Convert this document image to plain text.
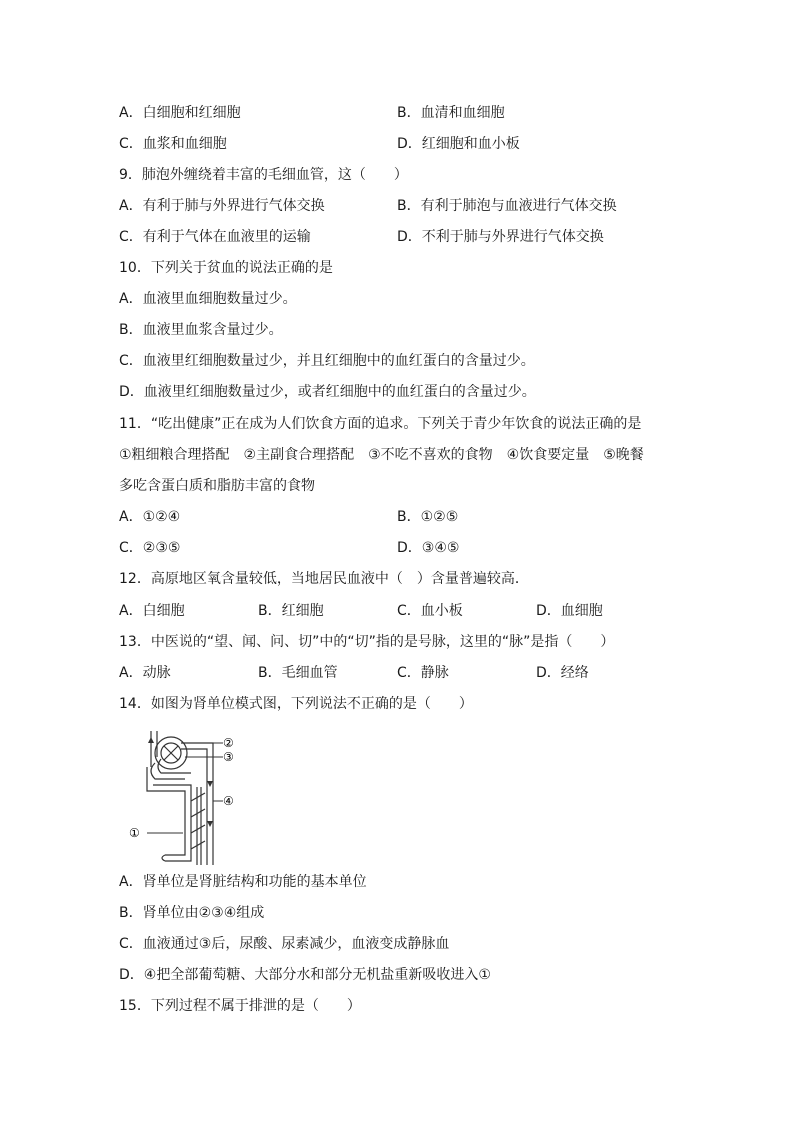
A．白细胞和红细胞	B．血清和血细胞
C．血浆和血细胞	D．红细胞和血小板
9．肺泡外缠绕着丰富的毛细血管，这（　　）
A．有利于肺与外界进行气体交换	B．有利于肺泡与血液进行气体交换
C．有利于气体在血液里的运输	D．不利于肺与外界进行气体交换
10．下列关于贫血的说法正确的是
A．血液里血细胞数量过少。
B．血液里血浆含量过少。
C．血液里红细胞数量过少，并且红细胞中的血红蛋白的含量过少。
D．血液里红细胞数量过少，或者红细胞中的血红蛋白的含量过少。
11．“吃出健康”正在成为人们饮食方面的追求。下列关于青少年饮食的说法正确的是
①粗细粮合理搭配　②主副食合理搭配　③不吃不喜欢的食物　④饮食要定量　⑤晚餐
多吃含蛋白质和脂肪丰富的食物
A．①②④	B．①②⑤
C．②③⑤	D．③④⑤
12．高原地区氧含量较低，当地居民血液中（　）含量普遍较高．
A．白细胞	B．红细胞	C．血小板	D．血细胞
13．中医说的“望、闻、问、切”中的“切”指的是号脉，这里的“脉”是指（　　）
A．动脉	B．毛细血管	C．静脉	D．经络
14．如图为肾单位模式图，下列说法不正确的是（　　）
②
③
④
①
A．肾单位是肾脏结构和功能的基本单位
B．肾单位由②③④组成
C．血液通过③后，尿酸、尿素减少，血液变成静脉血
D．④把全部葡萄糖、大部分水和部分无机盐重新吸收进入①
15．下列过程不属于排泄的是（　　）
